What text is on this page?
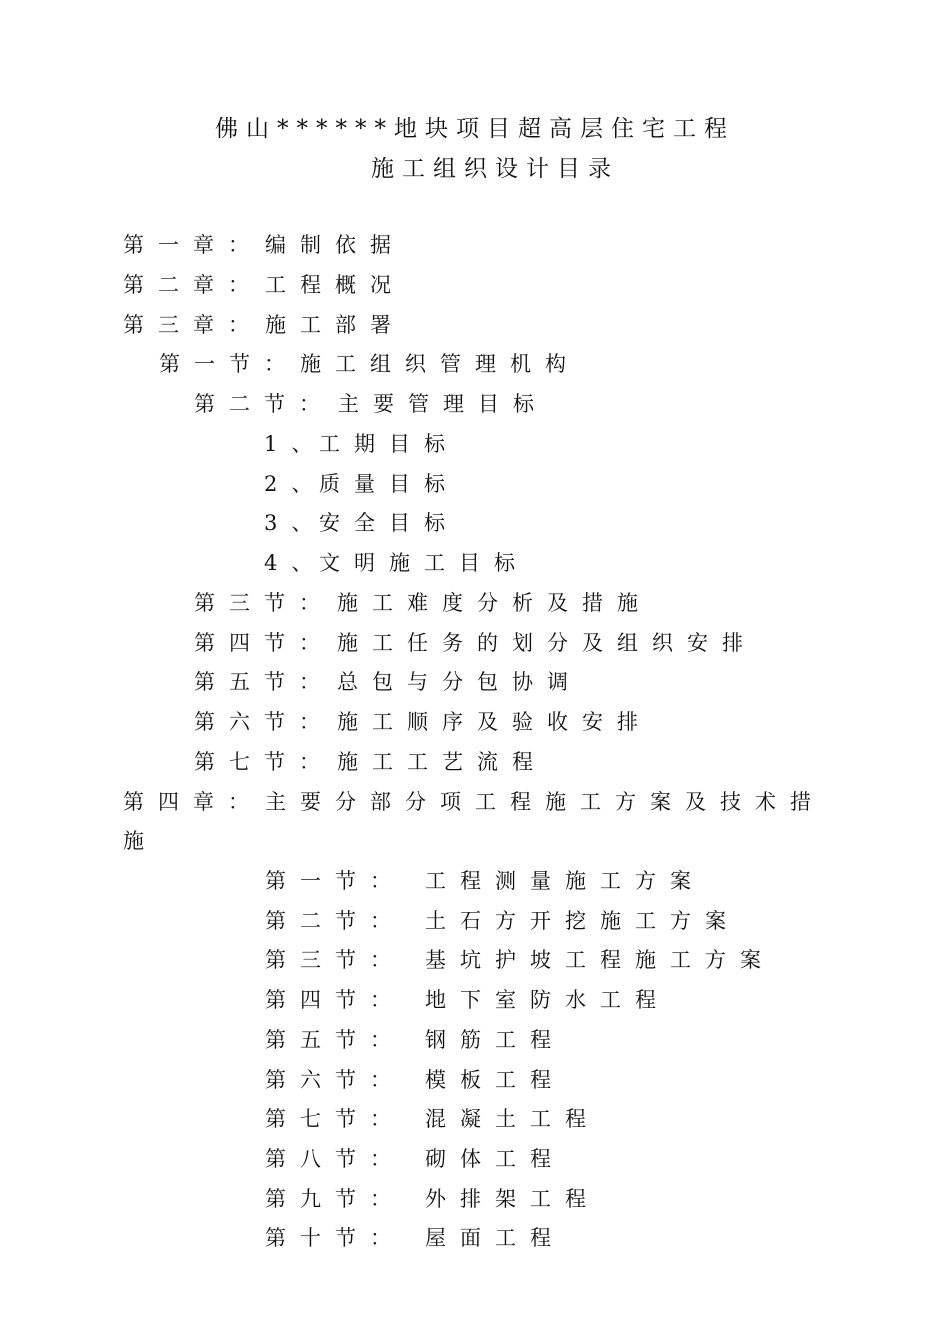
佛山******地块项目超高层住宅工程
施工组织设计目录
第一章：编制依据
第二章：工程概况
第三章：施工部署
第一节：施工组织管理机构
第二节： 主要管理目标
1、工期目标
2、质量目标
3、安全目标
4、文明施工目标
第三节： 施工难度分析及措施
第四节： 施工任务的划分及组织安排
第五节： 总包与分包协调
第六节： 施工顺序及验收安排
第七节： 施工工艺流程
第四章：主要分部分项工程施工方案及技术措
施
第一节： 工程测量施工方案
第二节： 土石方开挖施工方案
第三节： 基坑护坡工程施工方案
第四节： 地下室防水工程
第五节： 钢筋工程
第六节： 模板工程
第七节： 混凝土工程
第八节： 砌体工程
第九节： 外排架工程
第十节： 屋面工程
